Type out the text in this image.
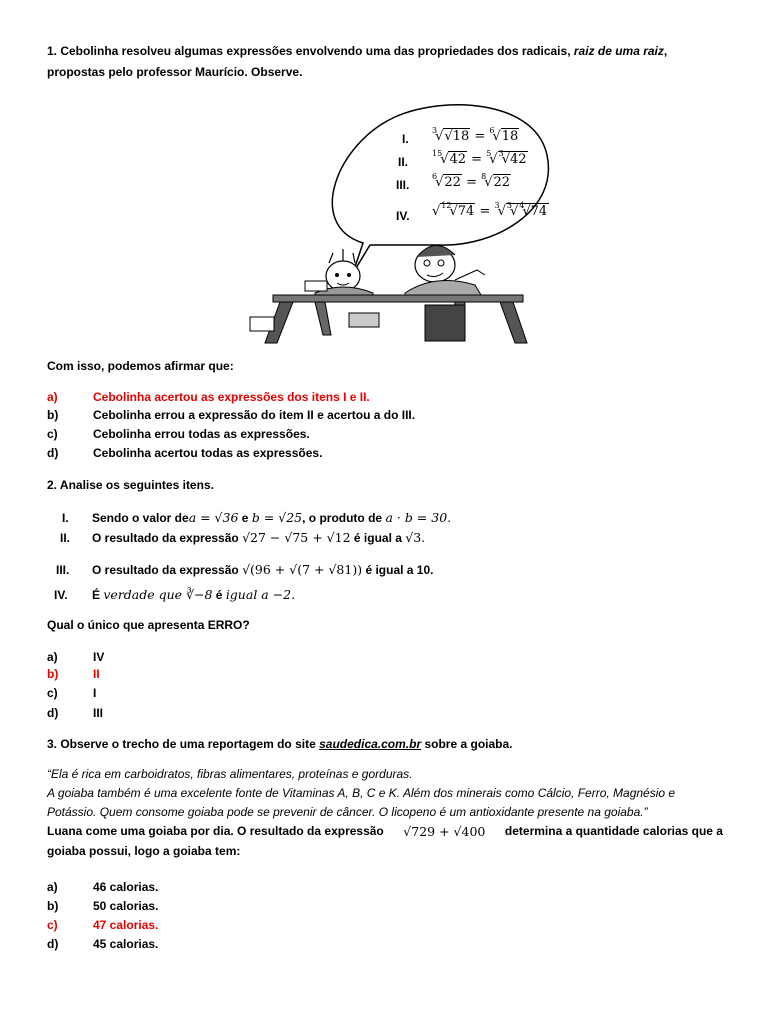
1. Cebolinha resolveu algumas expressões envolvendo uma das propriedades dos radicais, raiz de uma raiz,
propostas pelo professor Maurício. Observe.
I.
$^3$√√18 = $^6$√18
II.
$^{15}$√42 = $^5$√$^3$√42
III.
$^6$√22 = $^8$√22
IV. √$^{12}$√74 = $^3$√$^3$√$^4$√74
Com isso, podemos afirmar que:
a)	Cebolinha acertou as expressões dos itens I e II.
b)	Cebolinha errou a expressão do item II e acertou a do III.
c)	Cebolinha errou todas as expressões.
d)	Cebolinha acertou todas as expressões.
2. Analise os seguintes itens.
I. Sendo o valor dea = √36 e b = √25, o produto de a · b = 30.
II. O resultado da expressão √27 − √75 + √12 é igual a √3.
III. O resultado da expressão √(96 + √(7 + √81)) é igual a 10.
IV. É verdade que ∛−8 é igual a −2.
Qual o único que apresenta ERRO?
a)	IV
b)	II
c)	I
d)	III
3. Observe o trecho de uma reportagem do site saudedica.com.br sobre a goiaba.
“Ela é rica em carboidratos, fibras alimentares, proteínas e gorduras.
A goiaba também é uma excelente fonte de Vitaminas A, B, C e K. Além dos minerais como Cálcio, Ferro, Magnésio e
Potássio. Quem consome goiaba pode se prevenir de câncer. O licopeno é um antioxidante presente na goiaba.”
Luana come uma goiaba por dia. O resultado da expressão √729 + √400 determina a quantidade calorias que a
goiaba possui, logo a goiaba tem:
a)	46 calorias.
b)	50 calorias.
c)	47 calorias.
d)	45 calorias.
